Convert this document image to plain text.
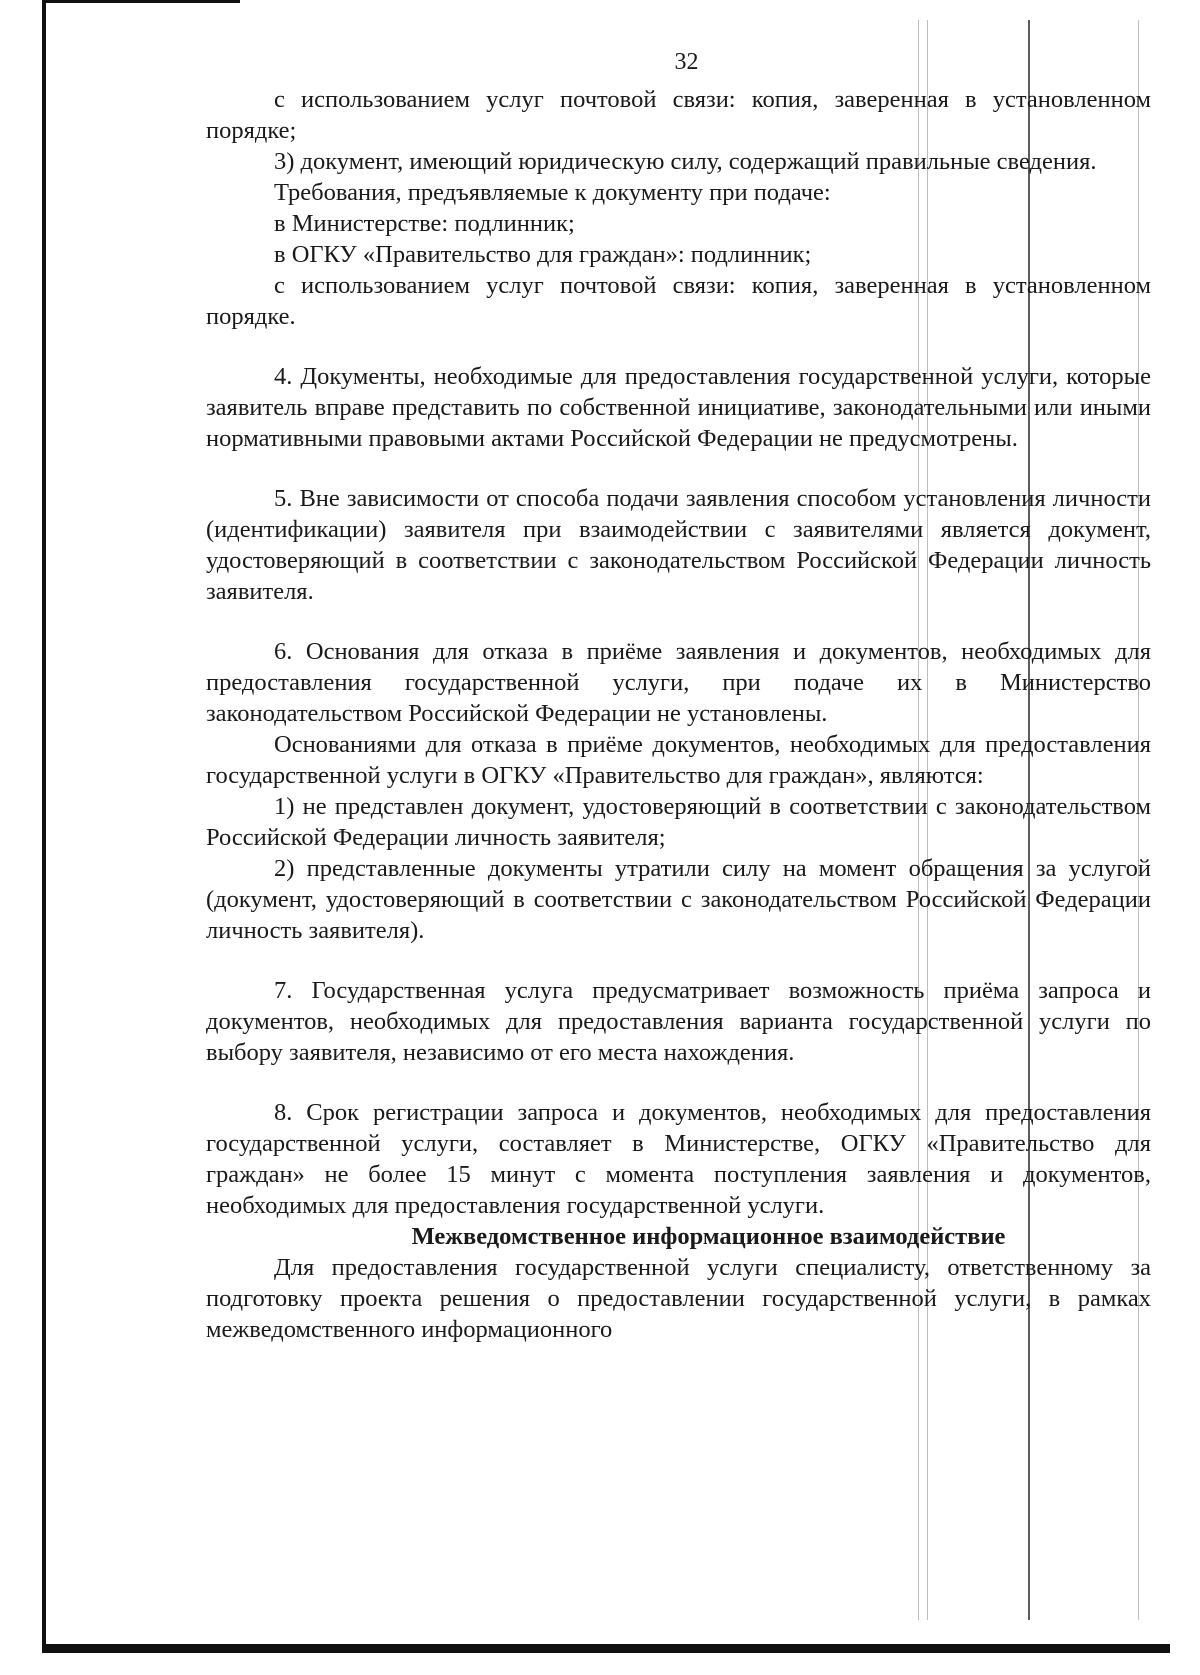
32

с использованием услуг почтовой связи: копия, заверенная в установленном порядке;

3) документ, имеющий юридическую силу, содержащий правильные сведения.

Требования, предъявляемые к документу при подаче:

в Министерстве: подлинник;

в ОГКУ «Правительство для граждан»: подлинник;

с использованием услуг почтовой связи: копия, заверенная в установленном порядке.

4. Документы, необходимые для предоставления государственной услуги, которые заявитель вправе представить по собственной инициативе, законодательными или иными нормативными правовыми актами Российской Федерации не предусмотрены.

5. Вне зависимости от способа подачи заявления способом установления личности (идентификации) заявителя при взаимодействии с заявителями является документ, удостоверяющий в соответствии с законодательством Российской Федерации личность заявителя.

6. Основания для отказа в приёме заявления и документов, необходимых для предоставления государственной услуги, при подаче их в Министерство законодательством Российской Федерации не установлены.

Основаниями для отказа в приёме документов, необходимых для предоставления государственной услуги в ОГКУ «Правительство для граждан», являются:

1) не представлен документ, удостоверяющий в соответствии с законодательством Российской Федерации личность заявителя;

2) представленные документы утратили силу на момент обращения за услугой (документ, удостоверяющий в соответствии с законодательством Российской Федерации личность заявителя).

7. Государственная услуга предусматривает возможность приёма запроса и документов, необходимых для предоставления варианта государственной услуги по выбору заявителя, независимо от его места нахождения.

8. Срок регистрации запроса и документов, необходимых для предоставления государственной услуги, составляет в Министерстве, ОГКУ «Правительство для граждан» не более 15 минут с момента поступления заявления и документов, необходимых для предоставления государственной услуги.

Межведомственное информационное взаимодействие

Для предоставления государственной услуги специалисту, ответственному за подготовку проекта решения о предоставлении государственной услуги, в рамках межведомственного информационного
